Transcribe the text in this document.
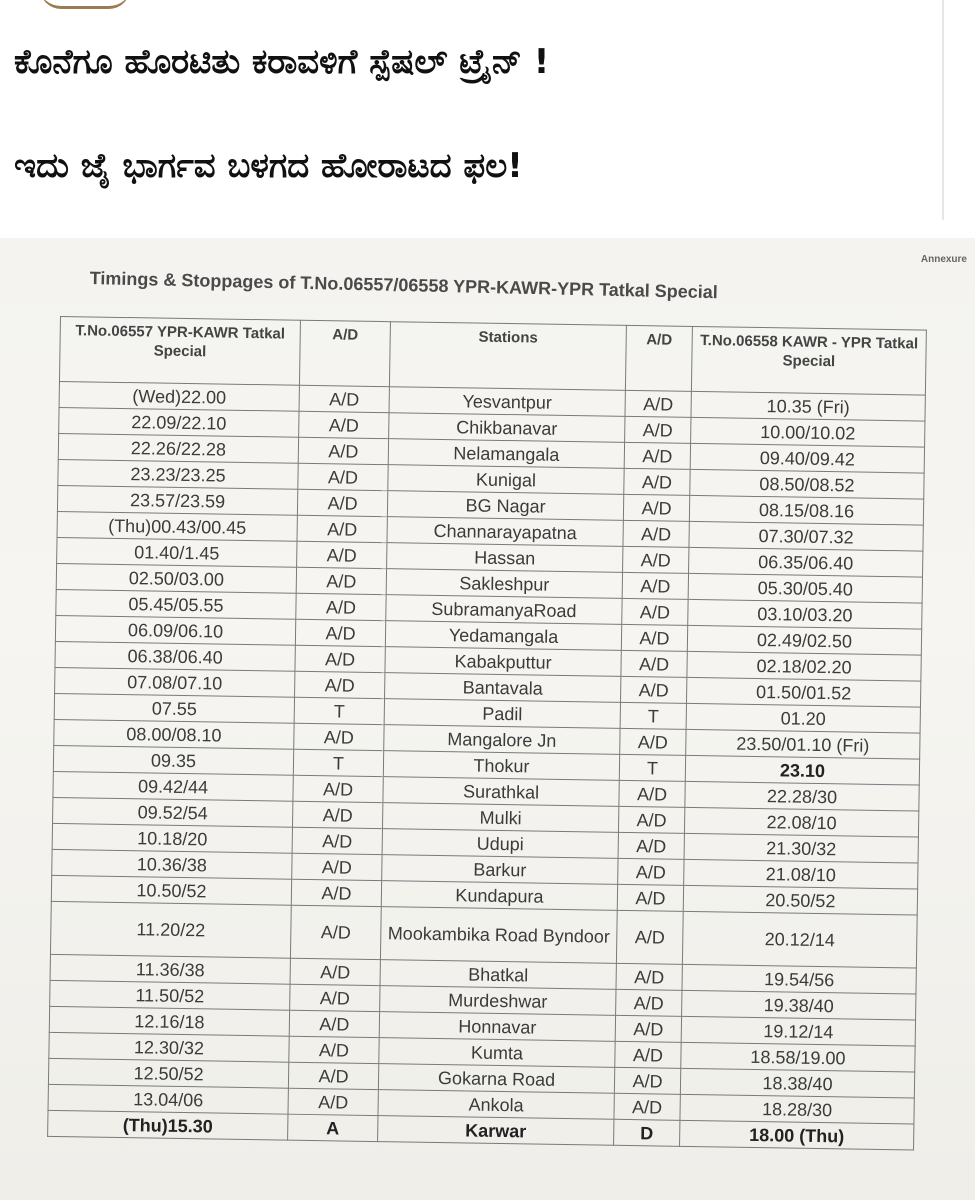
ಕೊನೆಗೂ ಹೊರಟಿತು ಕರಾವಳಿಗೆ ಸ್ಪೆಷಲ್ ಟ್ರೈನ್ !

ಇದು ಜೈ ಭಾರ್ಗವ ಬಳಗದ ಹೋರಾಟದ ಫಲ!

Annexure
Timings & Stoppages of T.No.06557/06558 YPR-KAWR-YPR Tatkal Special
T.No.06557 YPR-KAWR Tatkal Special	A/D	Stations	A/D	T.No.06558 KAWR - YPR Tatkal Special
(Wed)22.00	A/D	Yesvantpur	A/D	10.35 (Fri)
22.09/22.10	A/D	Chikbanavar	A/D	10.00/10.02
22.26/22.28	A/D	Nelamangala	A/D	09.40/09.42
23.23/23.25	A/D	Kunigal	A/D	08.50/08.52
23.57/23.59	A/D	BG Nagar	A/D	08.15/08.16
(Thu)00.43/00.45	A/D	Channarayapatna	A/D	07.30/07.32
01.40/1.45	A/D	Hassan	A/D	06.35/06.40
02.50/03.00	A/D	Sakleshpur	A/D	05.30/05.40
05.45/05.55	A/D	SubramanyaRoad	A/D	03.10/03.20
06.09/06.10	A/D	Yedamangala	A/D	02.49/02.50
06.38/06.40	A/D	Kabakputtur	A/D	02.18/02.20
07.08/07.10	A/D	Bantavala	A/D	01.50/01.52
07.55	T	Padil	T	01.20
08.00/08.10	A/D	Mangalore Jn	A/D	23.50/01.10 (Fri)
09.35	T	Thokur	T	23.10
09.42/44	A/D	Surathkal	A/D	22.28/30
09.52/54	A/D	Mulki	A/D	22.08/10
10.18/20	A/D	Udupi	A/D	21.30/32
10.36/38	A/D	Barkur	A/D	21.08/10
10.50/52	A/D	Kundapura	A/D	20.50/52
11.20/22	A/D	Mookambika Road Byndoor	A/D	20.12/14
11.36/38	A/D	Bhatkal	A/D	19.54/56
11.50/52	A/D	Murdeshwar	A/D	19.38/40
12.16/18	A/D	Honnavar	A/D	19.12/14
12.30/32	A/D	Kumta	A/D	18.58/19.00
12.50/52	A/D	Gokarna Road	A/D	18.38/40
13.04/06	A/D	Ankola	A/D	18.28/30
(Thu)15.30	A	Karwar	D	18.00 (Thu)
